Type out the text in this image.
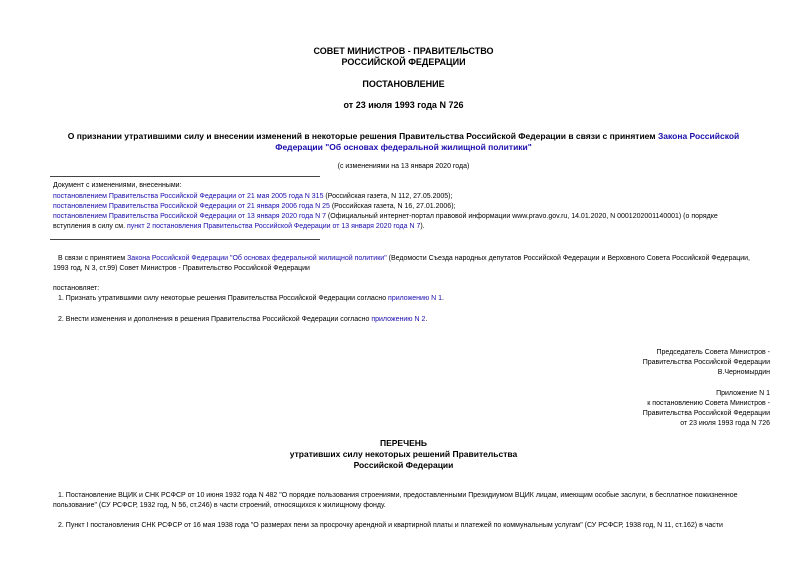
СОВЕТ МИНИСТРОВ - ПРАВИТЕЛЬСТВО
РОССИЙСКОЙ ФЕДЕРАЦИИ
ПОСТАНОВЛЕНИЕ
от 23 июля 1993 года N 726
О признании утратившими силу и внесении изменений в некоторые решения Правительства Российской Федерации в связи с принятием Закона Российской
Федерации "Об основах федеральной жилищной политики"
(с изменениями на 13 января 2020 года)
Документ с изменениями, внесенными:
постановлением Правительства Российской Федерации от 21 мая 2005 года N 315 (Российская газета, N 112, 27.05.2005);
постановлением Правительства Российской Федерации от 21 января 2006 года N 25 (Российская газета, N 16, 27.01.2006);
постановлением Правительства Российской Федерации от 13 января 2020 года N 7 (Официальный интернет-портал правовой информации www.pravo.gov.ru, 14.01.2020, N 0001202001140001) (о порядке
вступления в силу см. пункт 2 постановления Правительства Российской Федерации от 13 января 2020 года N 7).
В связи с принятием Закона Российской Федерации "Об основах федеральной жилищной политики" (Ведомости Съезда народных депутатов Российской Федерации и Верховного Совета Российской Федерации,
1993 год, N 3, ст.99) Совет Министров - Правительство Российской Федерации
постановляет:
1. Признать утратившими силу некоторые решения Правительства Российской Федерации согласно приложению N 1.
2. Внести изменения и дополнения в решения Правительства Российской Федерации согласно приложению N 2.
Председатель Совета Министров -
Правительства Российской Федерации
В.Черномырдин
Приложение N 1
к постановлению Совета Министров -
Правительства Российской Федерации
от 23 июля 1993 года N 726
ПЕРЕЧЕНЬ
утративших силу некоторых решений Правительства
Российской Федерации
1. Постановление ВЦИК и СНК РСФСР от 10 июня 1932 года N 482 "О порядке пользования строениями, предоставленными Президиумом ВЦИК лицам, имеющим особые заслуги, в бесплатное пожизненное
пользование" (СУ РСФСР, 1932 год, N 56, ст.246) в части строений, относящихся к жилищному фонду.
2. Пункт I постановления СНК РСФСР от 16 мая 1938 года "О размерах пени за просрочку арендной и квартирной платы и платежей по коммунальным услугам" (СУ РСФСР, 1938 год, N 11, ст.162) в части
